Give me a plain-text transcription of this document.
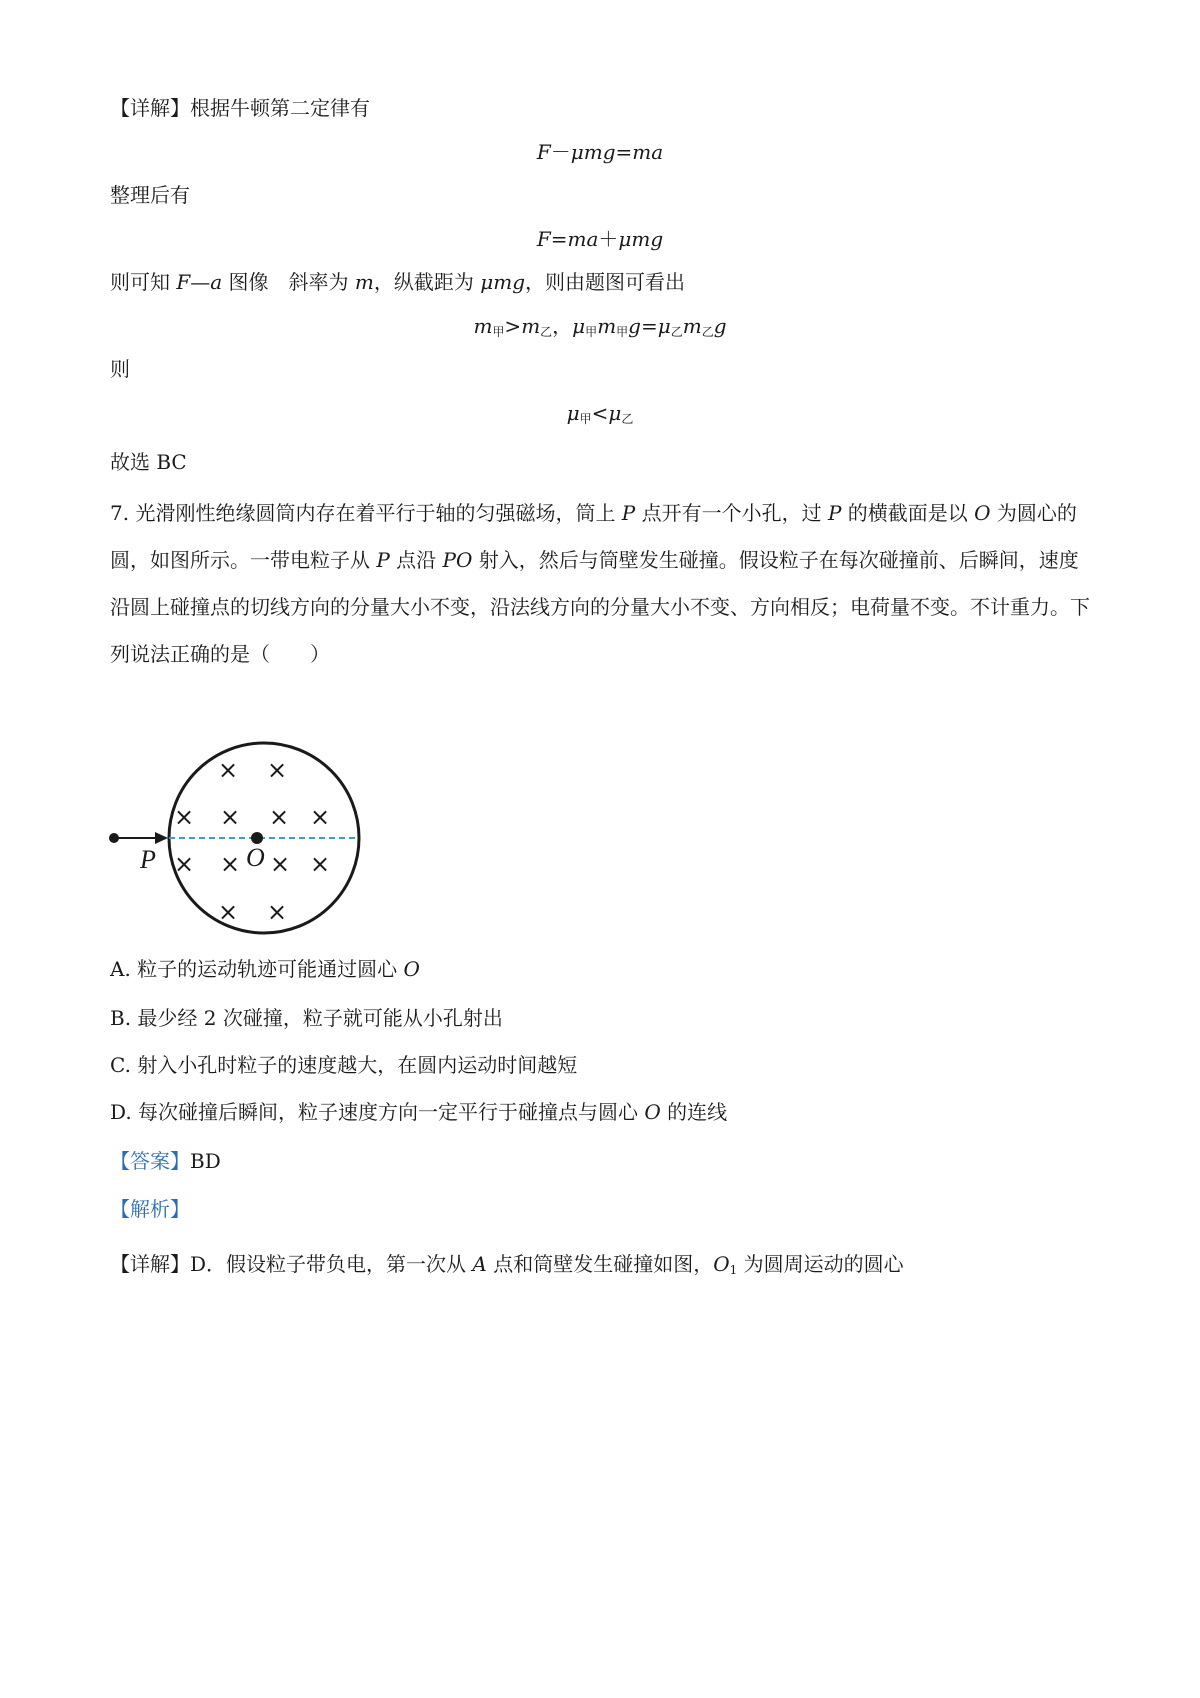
【详解】根据牛顿第二定律有
F－μmg=ma
整理后有
F=ma＋μmg
则可知 F—a 图像　斜率为 m，纵截距为 μmg，则由题图可看出
$m_甲>m_乙$，$\mu_甲m_甲g=\mu_乙m_乙g$
则
$\mu_甲<\mu_乙$
故选 BC
7. 光滑刚性绝缘圆筒内存在着平行于轴的匀强磁场，筒上 P 点开有一个小孔，过 P 的横截面是以 O 为圆心的圆，如图所示。一带电粒子从 P 点沿 PO 射入，然后与筒壁发生碰撞。假设粒子在每次碰撞前、后瞬间，速度沿圆上碰撞点的切线方向的分量大小不变，沿法线方向的分量大小不变、方向相反；电荷量不变。不计重力。下列说法正确的是（　　）
P	O
× ×
× × × ×
× × × ×
× ×
A. 粒子的运动轨迹可能通过圆心 O
B. 最少经 2 次碰撞，粒子就可能从小孔射出
C. 射入小孔时粒子的速度越大，在圆内运动时间越短
D. 每次碰撞后瞬间，粒子速度方向一定平行于碰撞点与圆心 O 的连线
【答案】BD
【解析】
【详解】D．假设粒子带负电，第一次从 A 点和筒壁发生碰撞如图，$O_1$ 为圆周运动的圆心
